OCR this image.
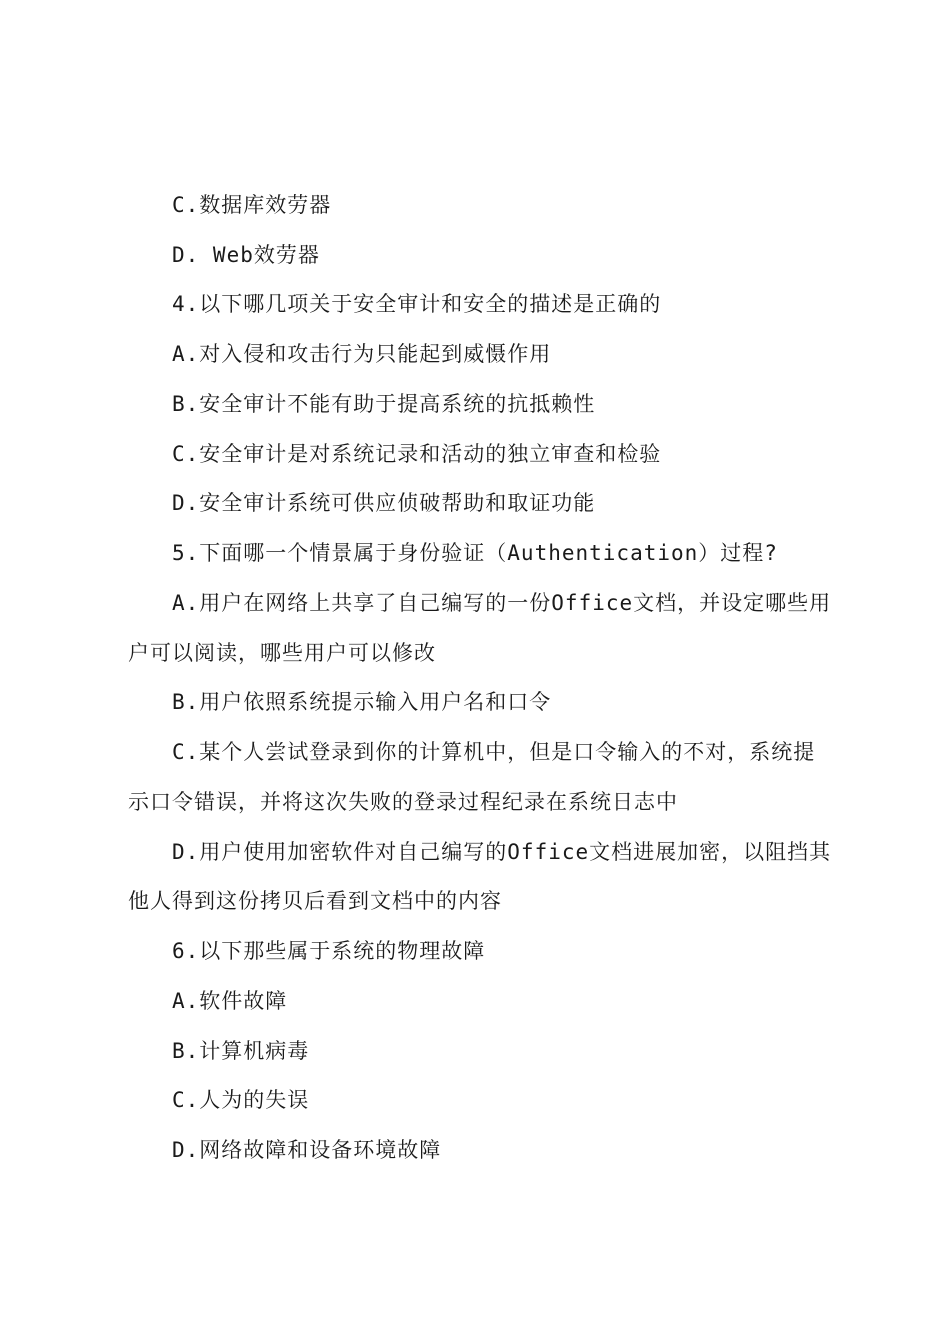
C.数据库效劳器
D. Web效劳器
4.以下哪几项关于安全审计和安全的描述是正确的
A.对入侵和攻击行为只能起到威慑作用
B.安全审计不能有助于提高系统的抗抵赖性
C.安全审计是对系统记录和活动的独立审查和检验
D.安全审计系统可供应侦破帮助和取证功能
5.下面哪一个情景属于身份验证（Authentication）过程?
A.用户在网络上共享了自己编写的一份Office文档，并设定哪些用
户可以阅读，哪些用户可以修改
B.用户依照系统提示输入用户名和口令
C.某个人尝试登录到你的计算机中，但是口令输入的不对，系统提
示口令错误，并将这次失败的登录过程纪录在系统日志中
D.用户使用加密软件对自己编写的Office文档进展加密，以阻挡其
他人得到这份拷贝后看到文档中的内容
6.以下那些属于系统的物理故障
A.软件故障
B.计算机病毒
C.人为的失误
D.网络故障和设备环境故障
